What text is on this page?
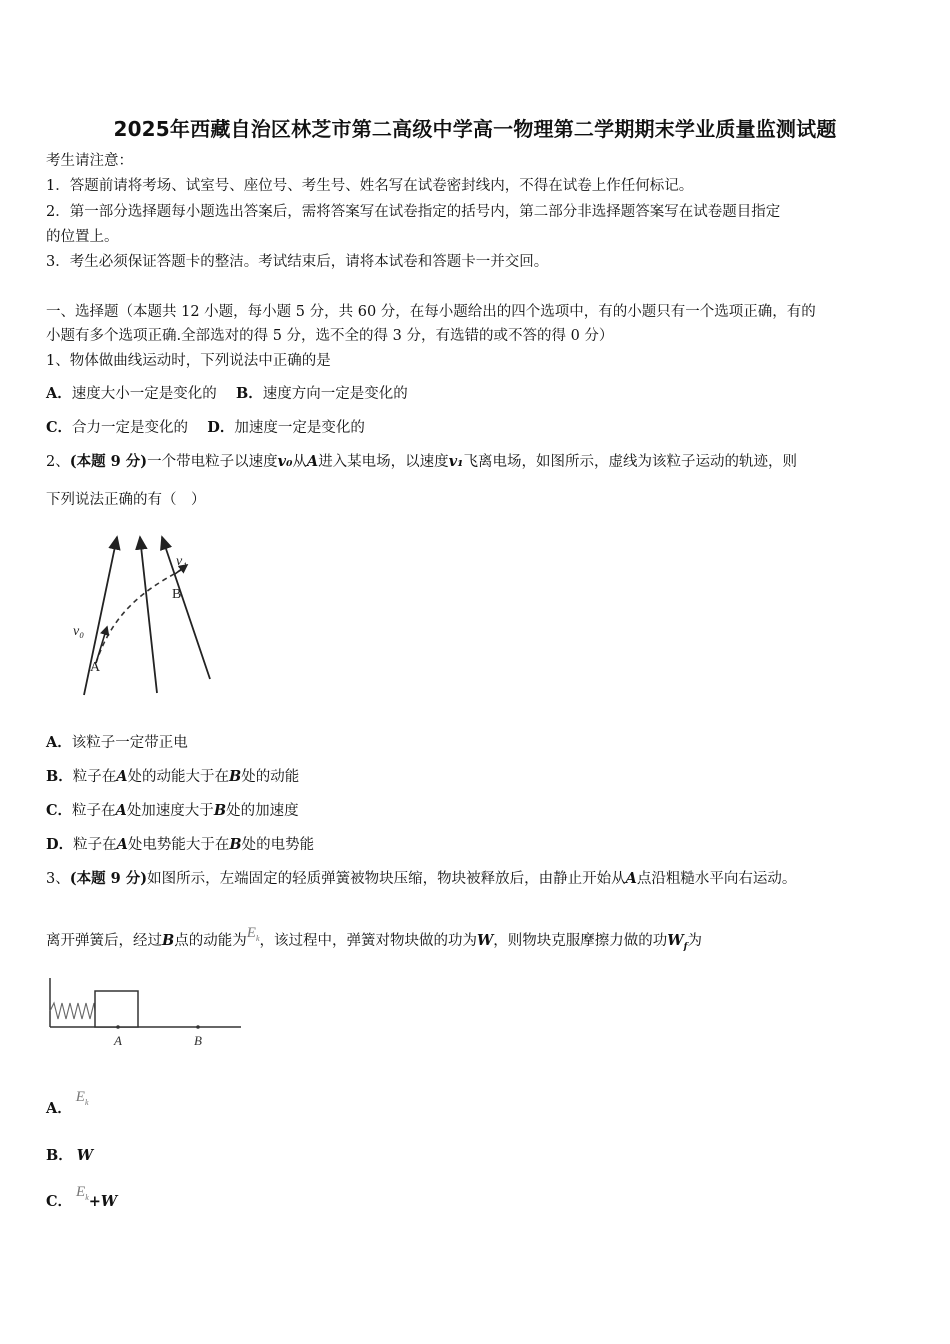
2025年西藏自治区林芝市第二高级中学高一物理第二学期期末学业质量监测试题
考生请注意：
1．答题前请将考场、试室号、座位号、考生号、姓名写在试卷密封线内，不得在试卷上作任何标记。
2．第一部分选择题每小题选出答案后，需将答案写在试卷指定的括号内，第二部分非选择题答案写在试卷题目指定
的位置上。
3．考生必须保证答题卡的整洁。考试结束后，请将本试卷和答题卡一并交回。
一、选择题（本题共 12 小题，每小题 5 分，共 60 分，在每小题给出的四个选项中，有的小题只有一个选项正确，有的
小题有多个选项正确.全部选对的得 5 分，选不全的得 3 分，有选错的或不答的得 0 分）
1、物体做曲线运动时，下列说法中正确的是
A．速度大小一定是变化的 B．速度方向一定是变化的
C．合力一定是变化的 D．加速度一定是变化的
2、(本题 9 分)一个带电粒子以速度v₀从A进入某电场，以速度v₁飞离电场，如图所示，虚线为该粒子运动的轨迹，则
下列说法正确的有（　）
v₀
v₁
A
B
A．该粒子一定带正电
B．粒子在A处的动能大于在B处的动能
C．粒子在A处加速度大于B处的加速度
D．粒子在A处电势能大于在B处的电势能
3、(本题 9 分)如图所示，左端固定的轻质弹簧被物块压缩，物块被释放后，由静止开始从A点沿粗糙水平向右运动。
离开弹簧后，经过B点的动能为$E_k$，该过程中，弹簧对物块做的功为W，则物块克服摩擦力做的功$W_f$为
A	B
A．$E_k$
B． W
C．$E_k+W$
